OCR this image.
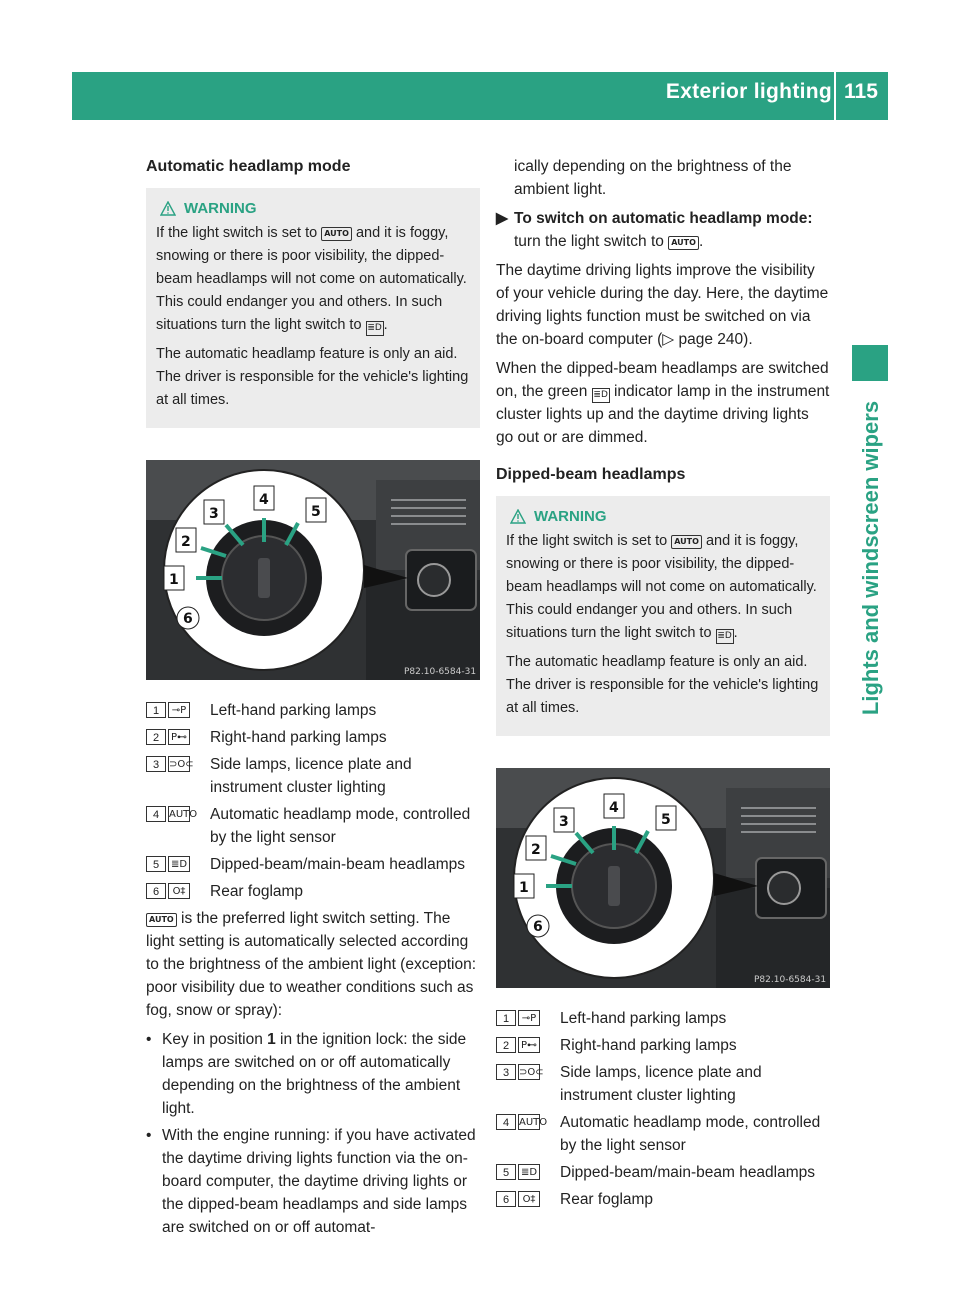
Exterior lighting 115
Lights and windscreen wipers
Automatic headlamp mode
WARNING

If the light switch is set to AUTO and it is foggy, snowing or there is poor visibility, the dipped-beam headlamps will not come on automatically. This could endanger you and others. In such situations turn the light switch to ≣D .

The automatic headlamp feature is only an aid. The driver is responsible for the vehicle's lighting at all times.

4
3	5
2
1
6
P82.10-6584-31
1	⊸P Left-hand parking lamps
2	P⊷ Right-hand parking lamps
3 ⊃O⊂ Side lamps, licence plate and instrument cluster lighting
4 AUTO Automatic headlamp mode, controlled by the light sensor
5	≣D Dipped-beam/main-beam headlamps
6	O‡ Rear foglamp

AUTO is the preferred light switch setting. The light setting is automatically selected according to the brightness of the ambient light (exception: poor visibility due to weather conditions such as fog, snow or spray):

• Key in position 1 in the ignition lock: the side lamps are switched on or off automatically depending on the brightness of the ambient light.
• With the engine running: if you have activated the daytime driving lights function via the on-board computer, the daytime driving lights or the dipped-beam headlamps and side lamps are switched on or off automat-

ically depending on the brightness of the ambient light.

▶ To switch on automatic headlamp mode: turn the light switch to AUTO .

The daytime driving lights improve the visibility of your vehicle during the day. Here, the daytime driving lights function must be switched on via the on-board computer (▷ page 240).

When the dipped-beam headlamps are switched on, the green ≣D indicator lamp in the instrument cluster lights up and the daytime driving lights go out or are dimmed.

Dipped-beam headlamps
WARNING

If the light switch is set to AUTO and it is foggy, snowing or there is poor visibility, the dipped-beam headlamps will not come on automatically. This could endanger you and others. In such situations turn the light switch to ≣D .

The automatic headlamp feature is only an aid. The driver is responsible for the vehicle's lighting at all times.

4
3	5
2
1
6
P82.10-6584-31
1	⊸P Left-hand parking lamps
2	P⊷ Right-hand parking lamps
3 ⊃O⊂ Side lamps, licence plate and instrument cluster lighting
4 AUTO Automatic headlamp mode, controlled by the light sensor
5	≣D Dipped-beam/main-beam headlamps
6	O‡ Rear foglamp
